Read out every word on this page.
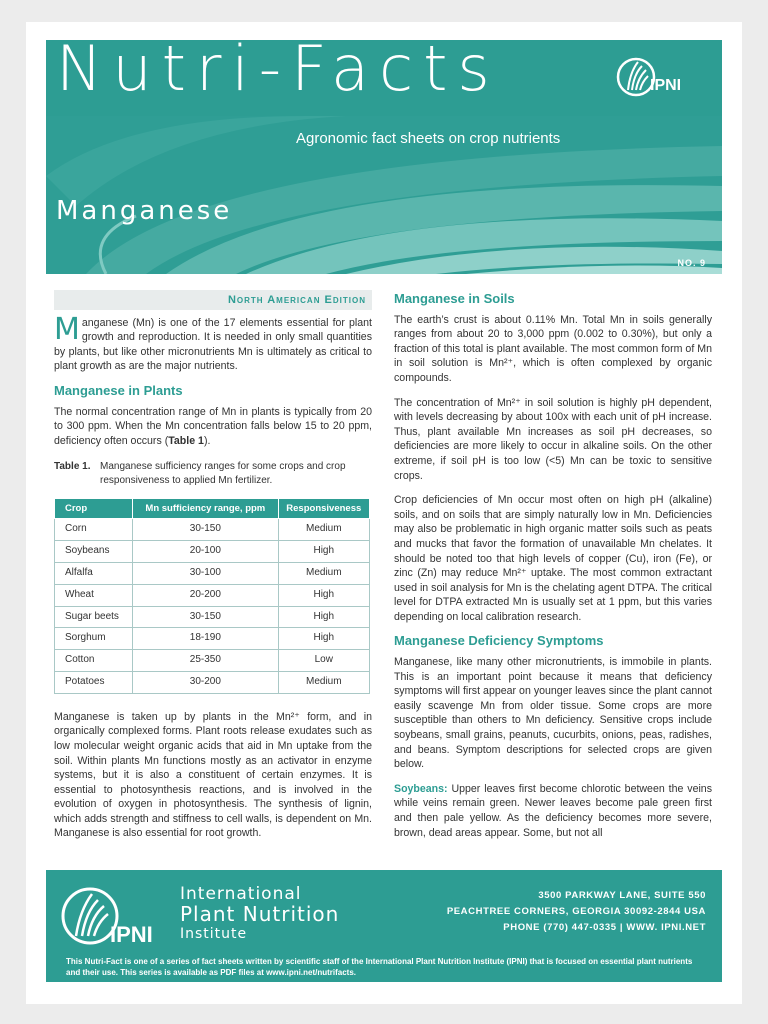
Nutri-Facts	IPNI
Agronomic fact sheets on crop nutrients
Manganese
NO. 9
North American Edition

Manganese (Mn) is one of the 17 elements essential for plant growth and reproduction. It is needed in only small quantities by plants, but like other micronutrients Mn is ultimately as critical to plant growth as are the major nutrients.

Manganese in Plants

The normal concentration range of Mn in plants is typically from 20 to 300 ppm. When the Mn concentration falls below 15 to 20 ppm, deficiency often occurs (Table 1).

Table 1. Manganese sufficiency ranges for some crops and crop responsiveness to applied Mn fertilizer.
Crop	Mn sufficiency range, ppm	Responsiveness
Corn	30-150	Medium
Soybeans	20-100	High
Alfalfa	30-100	Medium
Wheat	20-200	High
Sugar beets	30-150	High
Sorghum	18-190	High
Cotton	25-350	Low
Potatoes	30-200	Medium

Manganese is taken up by plants in the Mn²⁺ form, and in organically complexed forms. Plant roots release exudates such as low molecular weight organic acids that aid in Mn uptake from the soil. Within plants Mn functions mostly as an activator in enzyme systems, but it is also a constituent of certain enzymes. It is essential to photosynthesis reactions, and is involved in the evolution of oxygen in photosynthesis. The synthesis of lignin, which adds strength and stiffness to cell walls, is dependent on Mn. Manganese is also essential for root growth.

Manganese in Soils

The earth’s crust is about 0.11% Mn. Total Mn in soils generally ranges from about 20 to 3,000 ppm (0.002 to 0.30%), but only a fraction of this total is plant available. The most common form of Mn in soil solution is Mn²⁺, which is often complexed by organic compounds.

The concentration of Mn²⁺ in soil solution is highly pH dependent, with levels decreasing by about 100x with each unit of pH increase. Thus, plant available Mn increases as soil pH decreases, so deficiencies are more likely to occur in alkaline soils. On the other extreme, if soil pH is too low (<5) Mn can be toxic to sensitive crops.

Crop deficiencies of Mn occur most often on high pH (alkaline) soils, and on soils that are simply naturally low in Mn. Deficiencies may also be problematic in high organic matter soils such as peats and mucks that favor the formation of unavailable Mn chelates. It should be noted too that high levels of copper (Cu), iron (Fe), or zinc (Zn) may reduce Mn²⁺ uptake. The most common extractant used in soil analysis for Mn is the chelating agent DTPA. The critical level for DTPA extracted Mn is usually set at 1 ppm, but this varies depending on local calibration research.

Manganese Deficiency Symptoms

Manganese, like many other micronutrients, is immobile in plants. This is an important point because it means that deficiency symptoms will first appear on younger leaves since the plant cannot easily scavenge Mn from older tissue. Some crops are more susceptible than others to Mn deficiency. Sensitive crops include soybeans, small grains, peanuts, cucurbits, onions, peas, radishes, and beans. Symptom descriptions for selected crops are given below.

Soybeans: Upper leaves first become chlorotic between the veins while veins remain green. Newer leaves become pale green first and then pale yellow. As the deficiency becomes more severe, brown, dead areas appear. Some, but not all

IPNI
International
Plant Nutrition
Institute
3500 PARKWAY LANE, SUITE 550
PEACHTREE CORNERS, GEORGIA 30092-2844 USA
PHONE (770) 447-0335 | WWW. IPNI.NET
This Nutri-Fact is one of a series of fact sheets written by scientific staff of the International Plant Nutrition Institute (IPNI) that is focused on essential plant nutrients and their use. This series is available as PDF files at www.ipni.net/nutrifacts.
